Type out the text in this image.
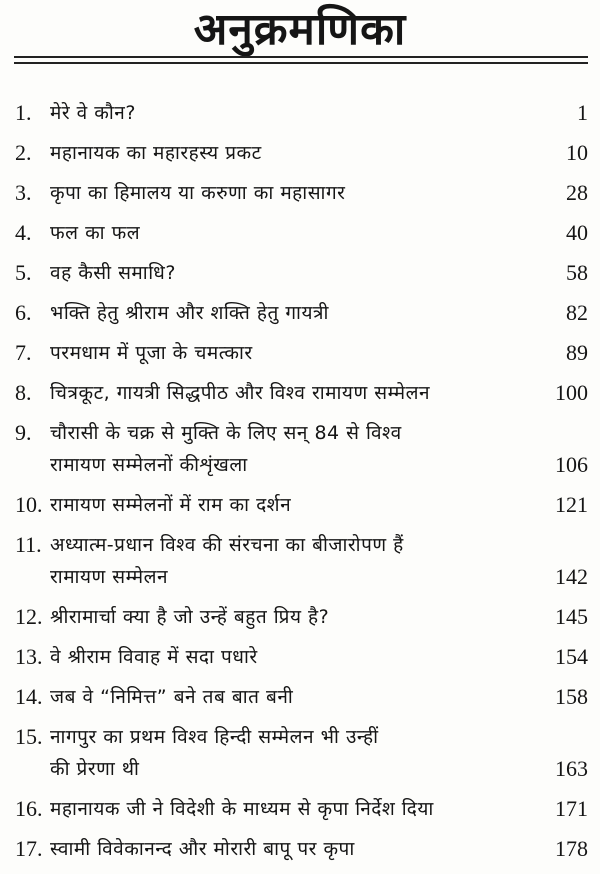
अनुक्रमणिका
1. मेरे वे कौन?	1
2. महानायक का महारहस्य प्रकट	10
3. कृपा का हिमालय या करुणा का महासागर	28
4. फल का फल	40
5. वह कैसी समाधि?	58
6. भक्ति हेतु श्रीराम और शक्ति हेतु गायत्री	82
7. परमधाम में पूजा के चमत्कार	89
8. चित्रकूट, गायत्री सिद्धपीठ और विश्व रामायण सम्मेलन	100
9. चौरासी के चक्र से मुक्ति के लिए सन् 84 से विश्व
रामायण सम्मेलनों कीशृंखला	106
10. रामायण सम्मेलनों में राम का दर्शन	121
11. अध्यात्म-प्रधान विश्व की संरचना का बीजारोपण हैं
रामायण सम्मेलन	142
12. श्रीरामार्चा क्या है जो उन्हें बहुत प्रिय है?	145
13. वे श्रीराम विवाह में सदा पधारे	154
14. जब वे “निमित्त” बने तब बात बनी	158
15. नागपुर का प्रथम विश्व हिन्दी सम्मेलन भी उन्हीं
की प्रेरणा थी	163
16. महानायक जी ने विदेशी के माध्यम से कृपा निर्देश दिया	171
17. स्वामी विवेकानन्द और मोरारी बापू पर कृपा	178
